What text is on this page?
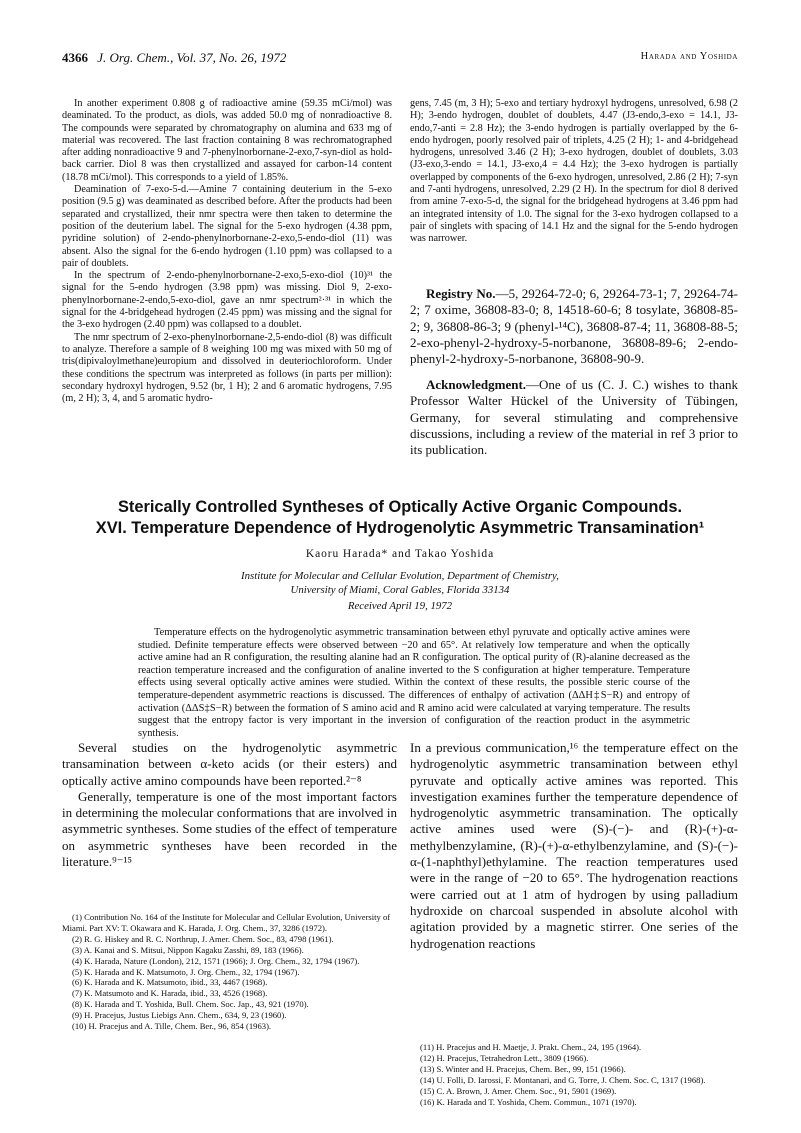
4366 J. Org. Chem., Vol. 37, No. 26, 1972	Harada and Yoshida

In another experiment 0.808 g of radioactive amine (59.35 mCi/mol) was deaminated. To the product, as diols, was added 50.0 mg of nonradioactive 8. The compounds were separated by chromatography on alumina and 633 mg of material was recovered. The last fraction containing 8 was rechromatographed after adding nonradioactive 9 and 7-phenylnorbornane-2-exo,7-syn-diol as hold-back carrier. Diol 8 was then crystallized and assayed for carbon-14 content (18.78 mCi/mol). This corresponds to a yield of 1.85%.

Deamination of 7-exo-5-d.—Amine 7 containing deuterium in the 5-exo position (9.5 g) was deaminated as described before. After the products had been separated and crystallized, their nmr spectra were then taken to determine the position of the deuterium label. The signal for the 5-exo hydrogen (4.38 ppm, pyridine solution) of 2-endo-phenylnorbornane-2-exo,5-endo-diol (11) was absent. Also the signal for the 6-endo hydrogen (1.10 ppm) was collapsed to a pair of doublets.

In the spectrum of 2-endo-phenylnorbornane-2-exo,5-exo-diol (10)³¹ the signal for the 5-endo hydrogen (3.98 ppm) was missing. Diol 9, 2-exo-phenylnorbornane-2-endo,5-exo-diol, gave an nmr spectrum²·³¹ in which the signal for the 4-bridgehead hydrogen (2.45 ppm) was missing and the signal for the 3-exo hydrogen (2.40 ppm) was collapsed to a doublet.

The nmr spectrum of 2-exo-phenylnorbornane-2,5-endo-diol (8) was difficult to analyze. Therefore a sample of 8 weighing 100 mg was mixed with 50 mg of tris(dipivaloylmethane)europium and dissolved in deuteriochloroform. Under these conditions the spectrum was interpreted as follows (in parts per million): secondary hydroxyl hydrogen, 9.52 (br, 1 H); 2 and 6 aromatic hydrogens, 7.95 (m, 2 H); 3, 4, and 5 aromatic hydro-

gens, 7.45 (m, 3 H); 5-exo and tertiary hydroxyl hydrogens, unresolved, 6.98 (2 H); 3-endo hydrogen, doublet of doublets, 4.47 (J3-endo,3-exo = 14.1, J3-endo,7-anti = 2.8 Hz); the 3-endo hydrogen is partially overlapped by the 6-endo hydrogen, poorly resolved pair of triplets, 4.25 (2 H); 1- and 4-bridgehead hydrogens, unresolved 3.46 (2 H); 3-exo hydrogen, doublet of doublets, 3.03 (J3-exo,3-endo = 14.1, J3-exo,4 = 4.4 Hz); the 3-exo hydrogen is partially overlapped by components of the 6-exo hydrogen, unresolved, 2.86 (2 H); 7-syn and 7-anti hydrogens, unresolved, 2.29 (2 H). In the spectrum for diol 8 derived from amine 7-exo-5-d, the signal for the bridgehead hydrogens at 3.46 ppm had an integrated intensity of 1.0. The signal for the 3-exo hydrogen collapsed to a pair of singlets with spacing of 14.1 Hz and the signal for the 5-endo hydrogen was narrower.

Registry No.—5, 29264-72-0; 6, 29264-73-1; 7, 29264-74-2; 7 oxime, 36808-83-0; 8, 14518-60-6; 8 tosylate, 36808-85-2; 9, 36808-86-3; 9 (phenyl-¹⁴C), 36808-87-4; 11, 36808-88-5; 2-exo-phenyl-2-hydroxy-5-norbanone, 36808-89-6; 2-endo-phenyl-2-hydroxy-5-norbanone, 36808-90-9.

Acknowledgment.—One of us (C. J. C.) wishes to thank Professor Walter Hückel of the University of Tübingen, Germany, for several stimulating and comprehensive discussions, including a review of the material in ref 3 prior to its publication.

Sterically Controlled Syntheses of Optically Active Organic Compounds.
XVI. Temperature Dependence of Hydrogenolytic Asymmetric Transamination¹
Kaoru Harada* and Takao Yoshida
Institute for Molecular and Cellular Evolution, Department of Chemistry,
University of Miami, Coral Gables, Florida 33134
Received April 19, 1972
Temperature effects on the hydrogenolytic asymmetric transamination between ethyl pyruvate and optically active amines were studied. Definite temperature effects were observed between −20 and 65°. At relatively low temperature and when the optically active amine had an R configuration, the resulting alanine had an R configuration. The optical purity of (R)-alanine decreased as the reaction temperature increased and the configuration of analine inverted to the S configuration at higher temperature. Temperature effects using several optically active amines were studied. Within the context of these results, the possible steric course of the temperature-dependent asymmetric reactions is discussed. The differences of enthalpy of activation (ΔΔH‡S−R) and entropy of activation (ΔΔS‡S−R) between the formation of S amino acid and R amino acid were calculated at varying temperature. The results suggest that the entropy factor is very important in the inversion of configuration of the reaction product in the asymmetric synthesis.

Several studies on the hydrogenolytic asymmetric transamination between α-keto acids (or their esters) and optically active amino compounds have been reported.²⁻⁸

Generally, temperature is one of the most important factors in determining the molecular conformations that are involved in asymmetric syntheses. Some studies of the effect of temperature on asymmetric syntheses have been recorded in the literature.⁹⁻¹⁵

In a previous communication,¹⁶ the temperature effect on the hydrogenolytic asymmetric transamination between ethyl pyruvate and optically active amines was reported. This investigation examines further the temperature dependence of hydrogenolytic asymmetric transamination. The optically active amines used were (S)-(−)- and (R)-(+)-α-methylbenzylamine, (R)-(+)-α-ethylbenzylamine, and (S)-(−)-α-(1-naphthyl)ethylamine. The reaction temperatures used were in the range of −20 to 65°. The hydrogenation reactions were carried out at 1 atm of hydrogen by using palladium hydroxide on charcoal suspended in absolute alcohol with agitation provided by a magnetic stirrer. One series of the hydrogenation reactions

(1) Contribution No. 164 of the Institute for Molecular and Cellular Evolution, University of Miami. Part XV: T. Okawara and K. Harada, J. Org. Chem., 37, 3286 (1972).
(2) R. G. Hiskey and R. C. Northrup, J. Amer. Chem. Soc., 83, 4798 (1961).
(3) A. Kanai and S. Mitsui, Nippon Kagaku Zasshi, 89, 183 (1966).
(4) K. Harada, Nature (London), 212, 1571 (1966); J. Org. Chem., 32, 1794 (1967).
(5) K. Harada and K. Matsumoto, J. Org. Chem., 32, 1794 (1967).
(6) K. Harada and K. Matsumoto, ibid., 33, 4467 (1968).
(7) K. Matsumoto and K. Harada, ibid., 33, 4526 (1968).
(8) K. Harada and T. Yoshida, Bull. Chem. Soc. Jap., 43, 921 (1970).
(9) H. Pracejus, Justus Liebigs Ann. Chem., 634, 9, 23 (1960).
(10) H. Pracejus and A. Tille, Chem. Ber., 96, 854 (1963).
(11) H. Pracejus and H. Maetje, J. Prakt. Chem., 24, 195 (1964).
(12) H. Pracejus, Tetrahedron Lett., 3809 (1966).
(13) S. Winter and H. Pracejus, Chem. Ber., 99, 151 (1966).
(14) U. Folli, D. Iarossi, F. Montanari, and G. Torre, J. Chem. Soc. C, 1317 (1968).
(15) C. A. Brown, J. Amer. Chem. Soc., 91, 5901 (1969).
(16) K. Harada and T. Yoshida, Chem. Commun., 1071 (1970).
